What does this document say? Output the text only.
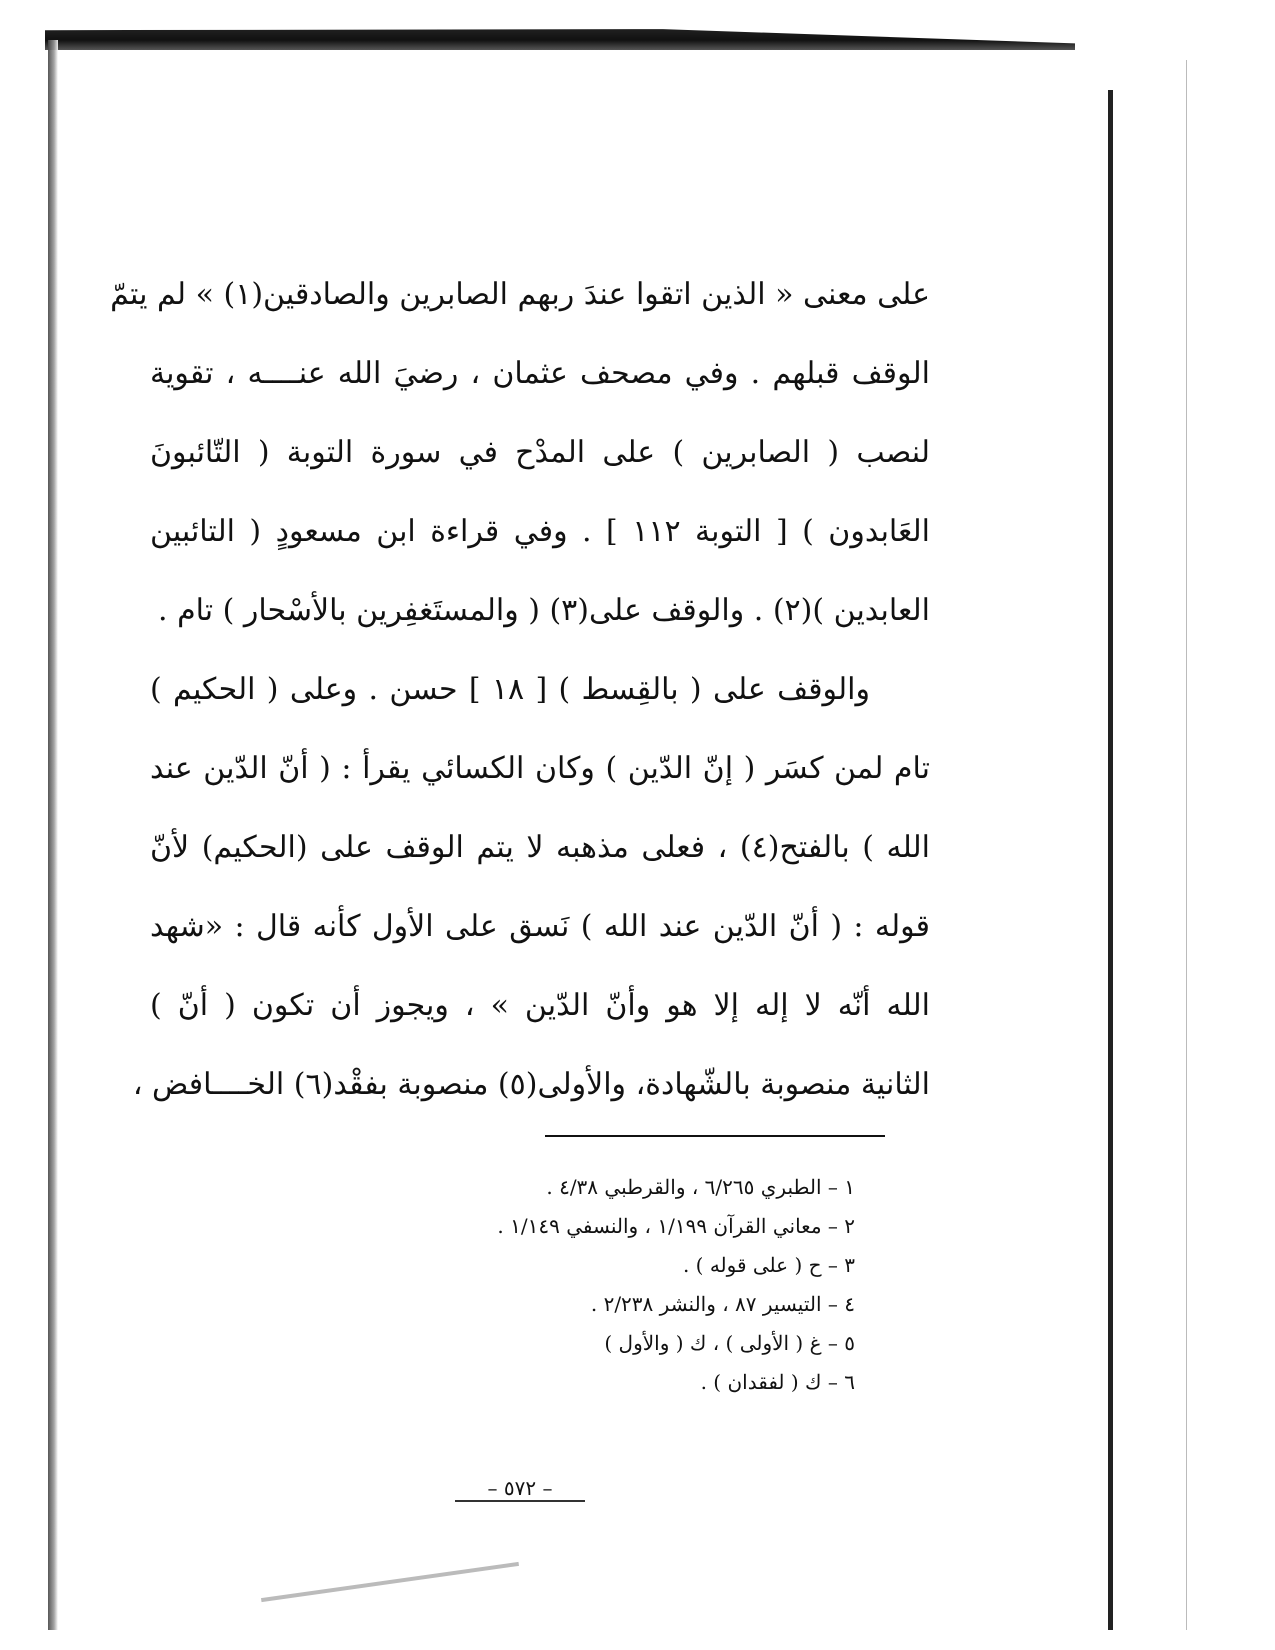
على معنى « الذين اتقوا عندَ ربهم الصابرين والصادقين(١) » لم يتمّ
الوقف قبلهم . وفي مصحف عثمان ، رضيَ الله عنــــه ، تقوية
لنصب ( الصابرين ) على المدْح في سورة التوبة ( التّائبونَ
العَابدون ) [ التوبة ١١٢ ] . وفي قراءة ابن مسعودٍ ( التائبين
العابدين )(٢) . والوقف على(٣) ( والمستَغفِرين بالأسْحار ) تام .
والوقف على ( بالقِسط ) [ ١٨ ] حسن . وعلى ( الحكيم )
تام لمن كسَر ( إنّ الدّين ) وكان الكسائي يقرأ : ( أنّ الدّين عند
الله ) بالفتح(٤) ، فعلى مذهبه لا يتم الوقف على (الحكيم) لأنّ
قوله : ( أنّ الدّين عند الله ) نَسق على الأول كأنه قال : «شهد
الله أنّه لا إله إلا هو وأنّ الدّين » ، ويجوز أن تكون ( أنّ )
الثانية منصوبة بالشّهادة، والأولى(٥) منصوبة بفقْد(٦) الخــــافض ،
١ – الطبري ٦/٢٦٥ ، والقرطبي ٤/٣٨ .
٢ – معاني القرآن ١/١٩٩ ، والنسفي ١/١٤٩ .
٣ – ح ( على قوله ) .
٤ – التيسير ٨٧ ، والنشر ٢/٢٣٨ .
٥ – غ ( الأولى ) ، ك ( والأول )
٦ – ك ( لفقدان ) .
– ٥٧٢ –
